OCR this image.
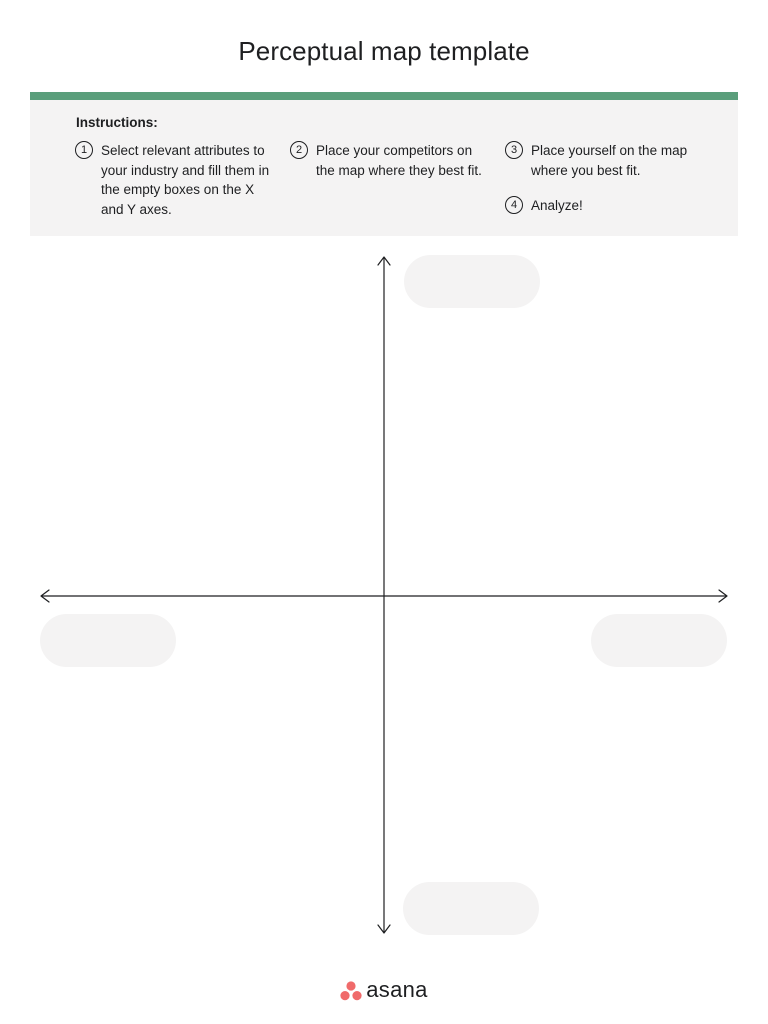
Perceptual map template
Instructions:
1	Select relevant attributes to your industry and fill them in the empty boxes on the X and Y axes.
2	Place your competitors on the map where they best fit.
3	Place yourself on the map where you best fit.
4	Analyze!
asana
